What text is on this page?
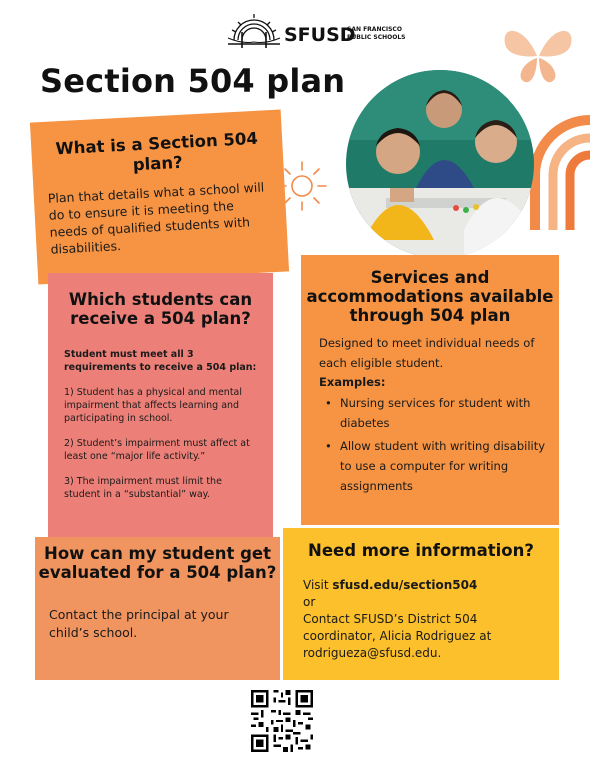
SFUSD
SAN FRANCISCO PUBLIC SCHOOLS
Section 504 plan
What is a Section 504 plan?

Plan that details what a school will do to ensure it is meeting the needs of qualified students with disabilities.

Which students can receive a 504 plan?

Student must meet all 3 requirements to receive a 504 plan:

1) Student has a physical and mental impairment that affects learning and participating in school.

2) Student’s impairment must affect at least one “major life activity.”

3) The impairment must limit the student in a “substantial” way.

Services and accommodations available through 504 plan

Designed to meet individual needs of each eligible student.

Examples:

• Nursing services for student with diabetes
• Allow student with writing disability to use a computer for writing assignments
How can my student get evaluated for a 504 plan?

Contact the principal at your child’s school.

Need more information?
Visit sfusd.edu/section504
or
Contact SFUSD’s District 504 coordinator, Alicia Rodriguez at rodrigueza@sfusd.edu.
